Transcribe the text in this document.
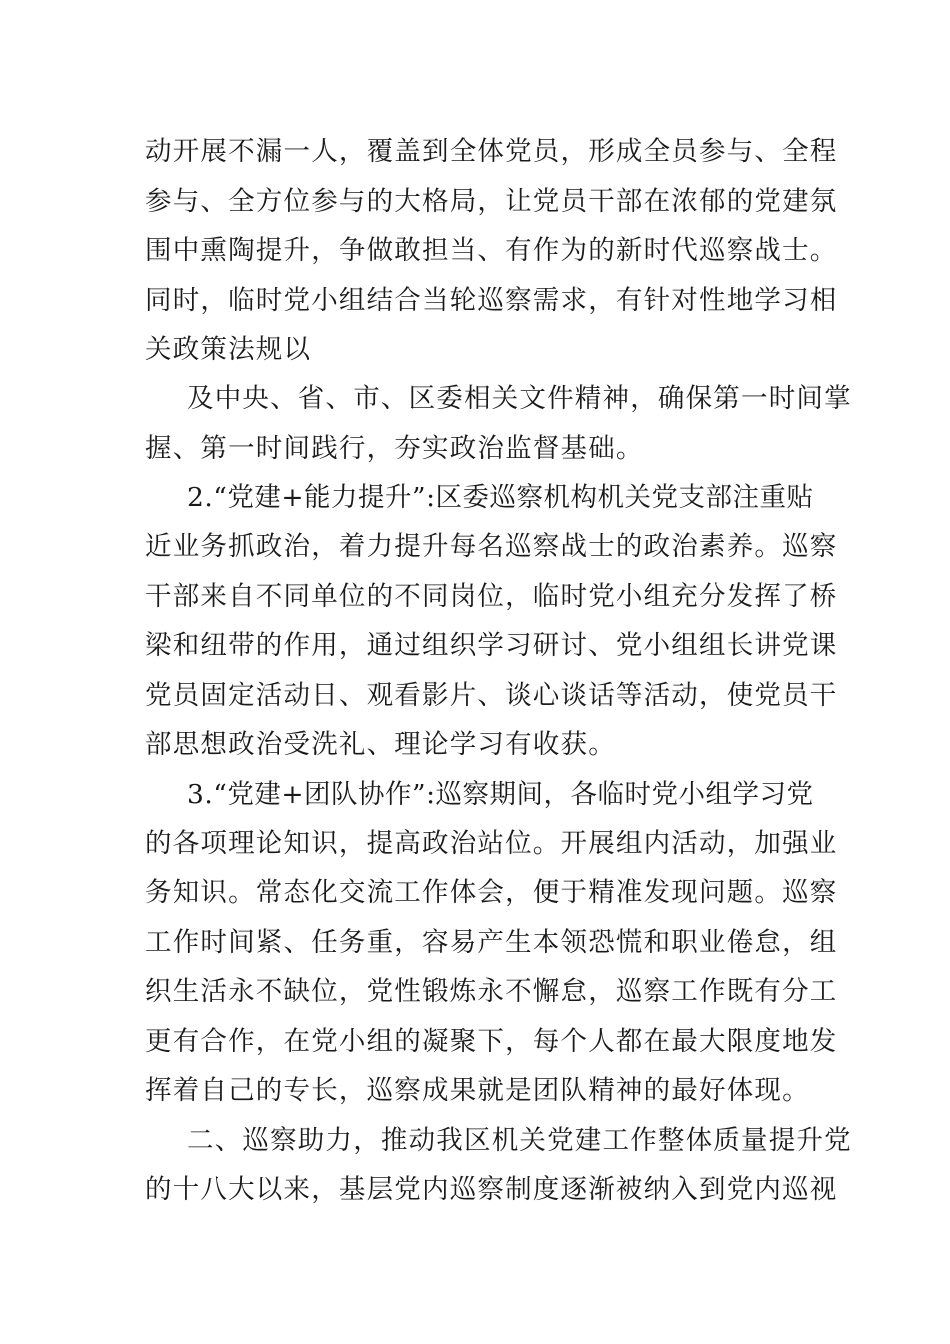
动开展不漏一人，覆盖到全体党员，形成全员参与、全程
参与、全方位参与的大格局，让党员干部在浓郁的党建氛
围中熏陶提升，争做敢担当、有作为的新时代巡察战士。
同时，临时党小组结合当轮巡察需求，有针对性地学习相
关政策法规以
及中央、省、市、区委相关文件精神，确保第一时间掌
握、第一时间践行，夯实政治监督基础。
2.“党建+能力提升”:区委巡察机构机关党支部注重贴
近业务抓政治，着力提升每名巡察战士的政治素养。巡察
干部来自不同单位的不同岗位，临时党小组充分发挥了桥
梁和纽带的作用，通过组织学习研讨、党小组组长讲党课
党员固定活动日、观看影片、谈心谈话等活动，使党员干
部思想政治受洗礼、理论学习有收获。
3.“党建+团队协作”:巡察期间，各临时党小组学习党
的各项理论知识，提高政治站位。开展组内活动，加强业
务知识。常态化交流工作体会，便于精准发现问题。巡察
工作时间紧、任务重，容易产生本领恐慌和职业倦怠，组
织生活永不缺位，党性锻炼永不懈怠，巡察工作既有分工
更有合作，在党小组的凝聚下，每个人都在最大限度地发
挥着自己的专长，巡察成果就是团队精神的最好体现。
二、巡察助力，推动我区机关党建工作整体质量提升党
的十八大以来，基层党内巡察制度逐渐被纳入到党内巡视
